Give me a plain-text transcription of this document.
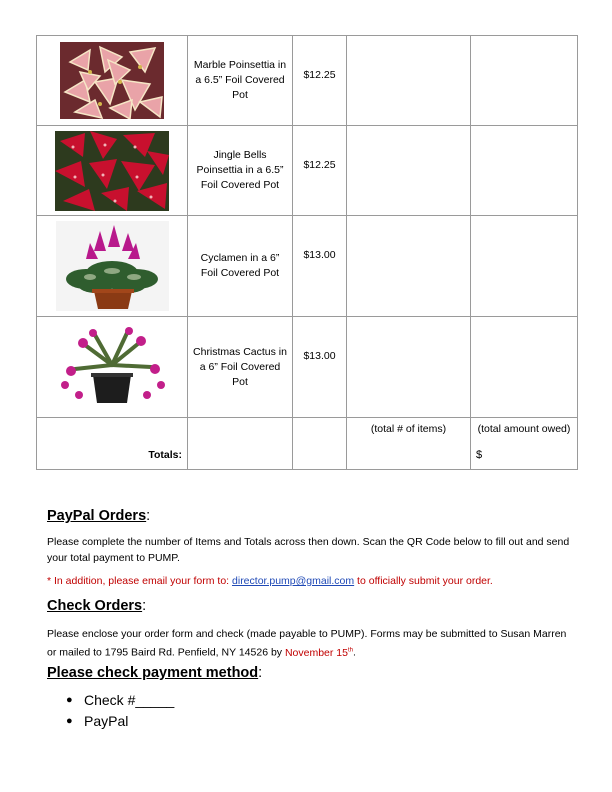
	Marble Poinsettia in a 6.5” Foil Covered Pot	$12.25		

	Jingle Bells Poinsettia in a 6.5” Foil Covered Pot	$12.25		

	Cyclamen in a 6” Foil Covered Pot	$13.00		

	Christmas Cactus in a 6” Foil Covered Pot	$13.00		
Totals:			(total # of items)	(total amount owed)
$
PayPal Orders:
Please complete the number of Items and Totals across then down. Scan the QR Code below to fill out and send your total payment to PUMP.
* In addition, please email your form to: director.pump@gmail.com to officially submit your order.
Check Orders:
Please enclose your order form and check (made payable to PUMP). Forms may be submitted to Susan Marren or mailed to 1795 Baird Rd. Penfield, NY 14526 by November 15th.
Please check payment method:
● Check #_____
● PayPal
